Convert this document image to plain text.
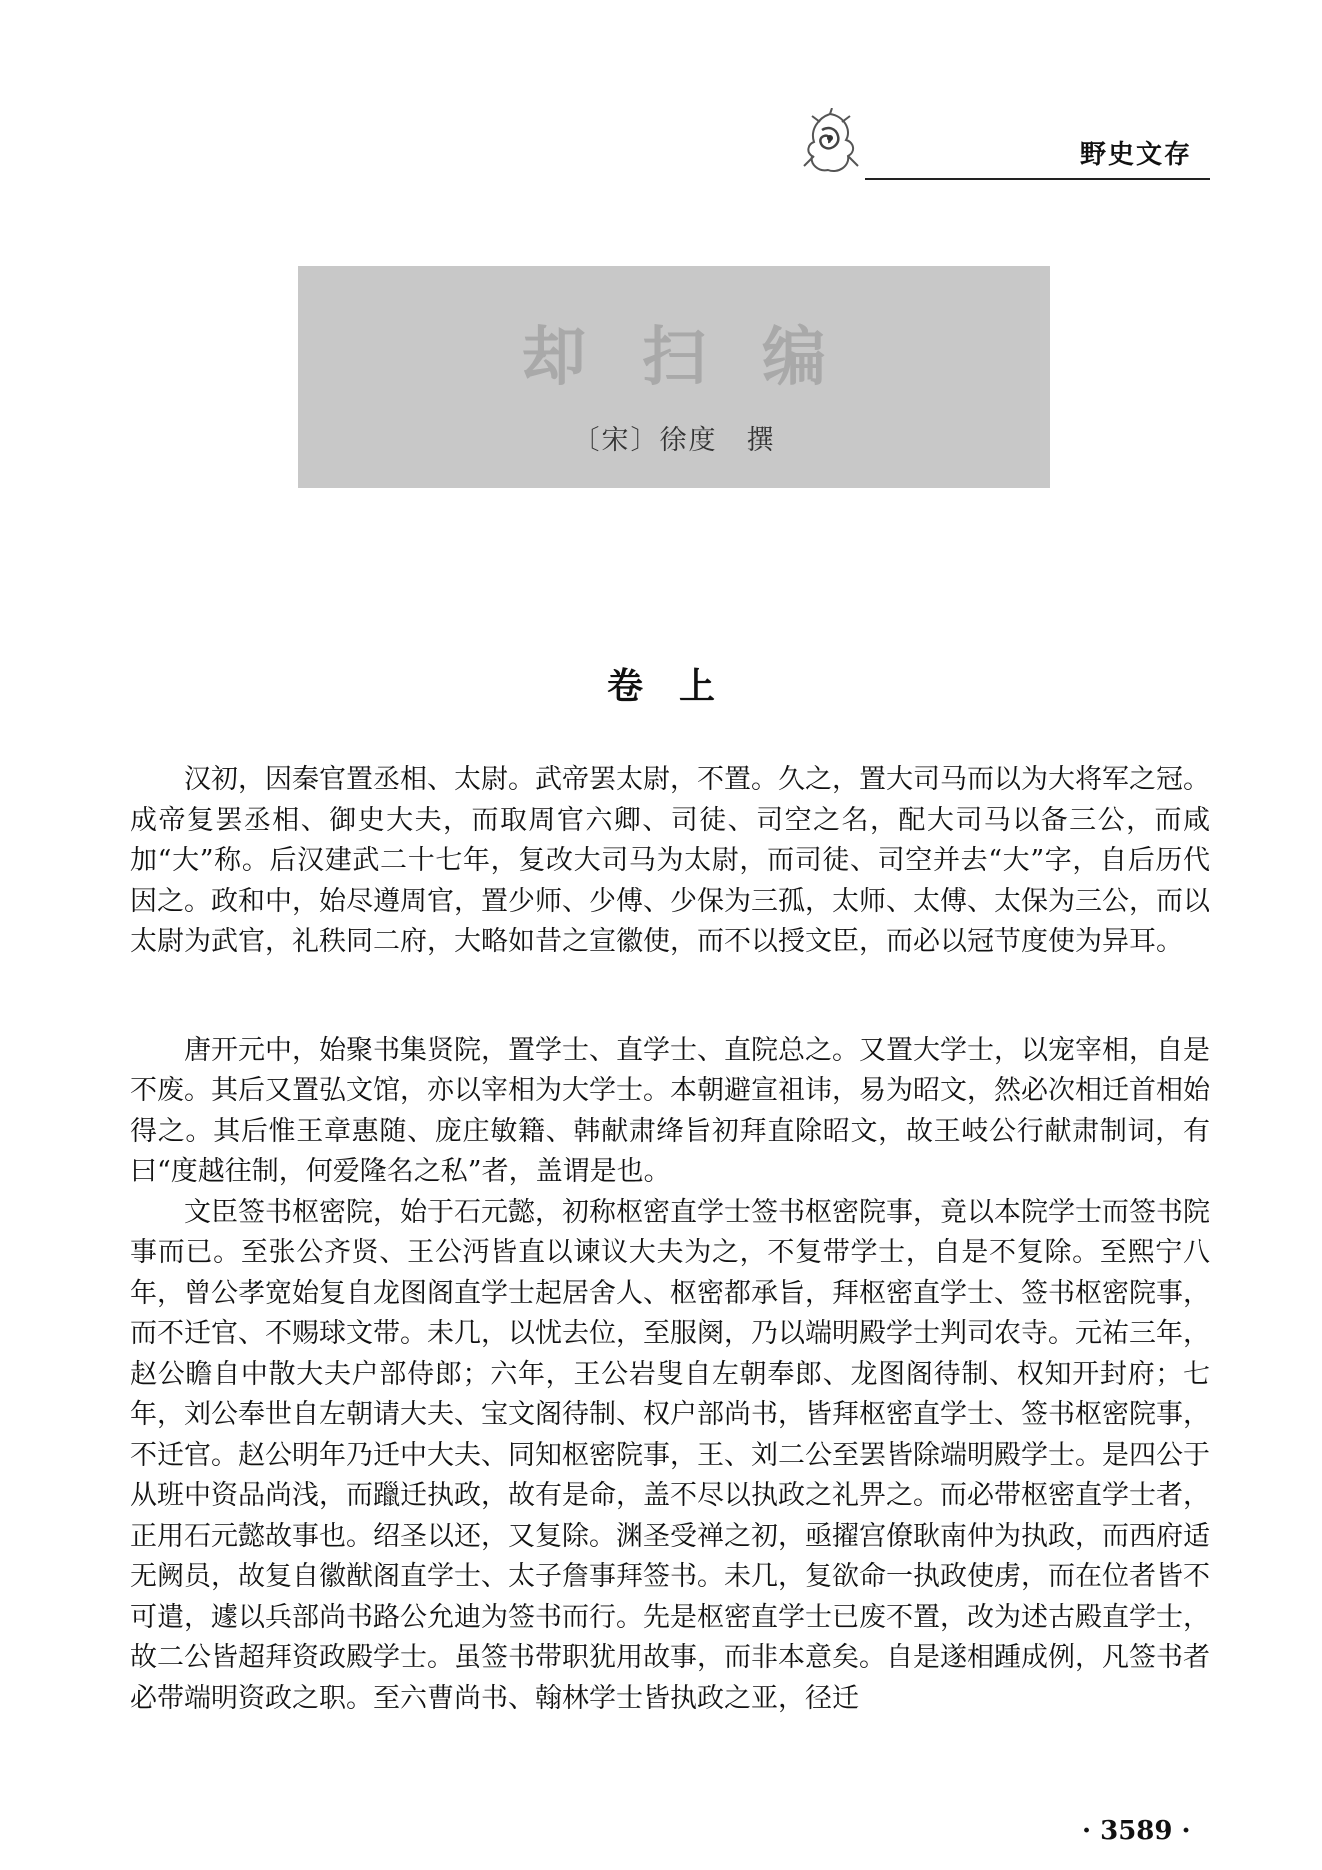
野史文存
却扫编
〔宋〕徐度　撰
卷上

汉初，因秦官置丞相、太尉。武帝罢太尉，不置。久之，置大司马而以为大将军之冠。成帝复罢丞相、御史大夫，而取周官六卿、司徒、司空之名，配大司马以备三公，而咸加“大”称。后汉建武二十七年，复改大司马为太尉，而司徒、司空并去“大”字，自后历代因之。政和中，始尽遵周官，置少师、少傅、少保为三孤，太师、太傅、太保为三公，而以太尉为武官，礼秩同二府，大略如昔之宣徽使，而不以授文臣，而必以冠节度使为异耳。

唐开元中，始聚书集贤院，置学士、直学士、直院总之。又置大学士，以宠宰相，自是不废。其后又置弘文馆，亦以宰相为大学士。本朝避宣祖讳，易为昭文，然必次相迁首相始得之。其后惟王章惠随、庞庄敏籍、韩献肃绛旨初拜直除昭文，故王岐公行献肃制词，有曰“度越往制，何爱隆名之私”者，盖谓是也。

文臣签书枢密院，始于石元懿，初称枢密直学士签书枢密院事，竟以本院学士而签书院事而已。至张公齐贤、王公沔皆直以谏议大夫为之，不复带学士，自是不复除。至熙宁八年，曾公孝宽始复自龙图阁直学士起居舍人、枢密都承旨，拜枢密直学士、签书枢密院事，而不迁官、不赐球文带。未几，以忧去位，至服阕，乃以端明殿学士判司农寺。元祐三年，赵公瞻自中散大夫户部侍郎；六年，王公岩叟自左朝奉郎、龙图阁待制、权知开封府；七年，刘公奉世自左朝请大夫、宝文阁待制、权户部尚书，皆拜枢密直学士、签书枢密院事，不迁官。赵公明年乃迁中大夫、同知枢密院事，王、刘二公至罢皆除端明殿学士。是四公于从班中资品尚浅，而躐迁执政，故有是命，盖不尽以执政之礼畀之。而必带枢密直学士者，正用石元懿故事也。绍圣以还，又复除。渊圣受禅之初，亟擢宫僚耿南仲为执政，而西府适无阙员，故复自徽猷阁直学士、太子詹事拜签书。未几，复欲命一执政使虏，而在位者皆不可遣，遽以兵部尚书路公允迪为签书而行。先是枢密直学士已废不置，改为述古殿直学士，故二公皆超拜资政殿学士。虽签书带职犹用故事，而非本意矣。自是遂相踵成例，凡签书者必带端明资政之职。至六曹尚书、翰林学士皆执政之亚，径迁

· 3589 ·
